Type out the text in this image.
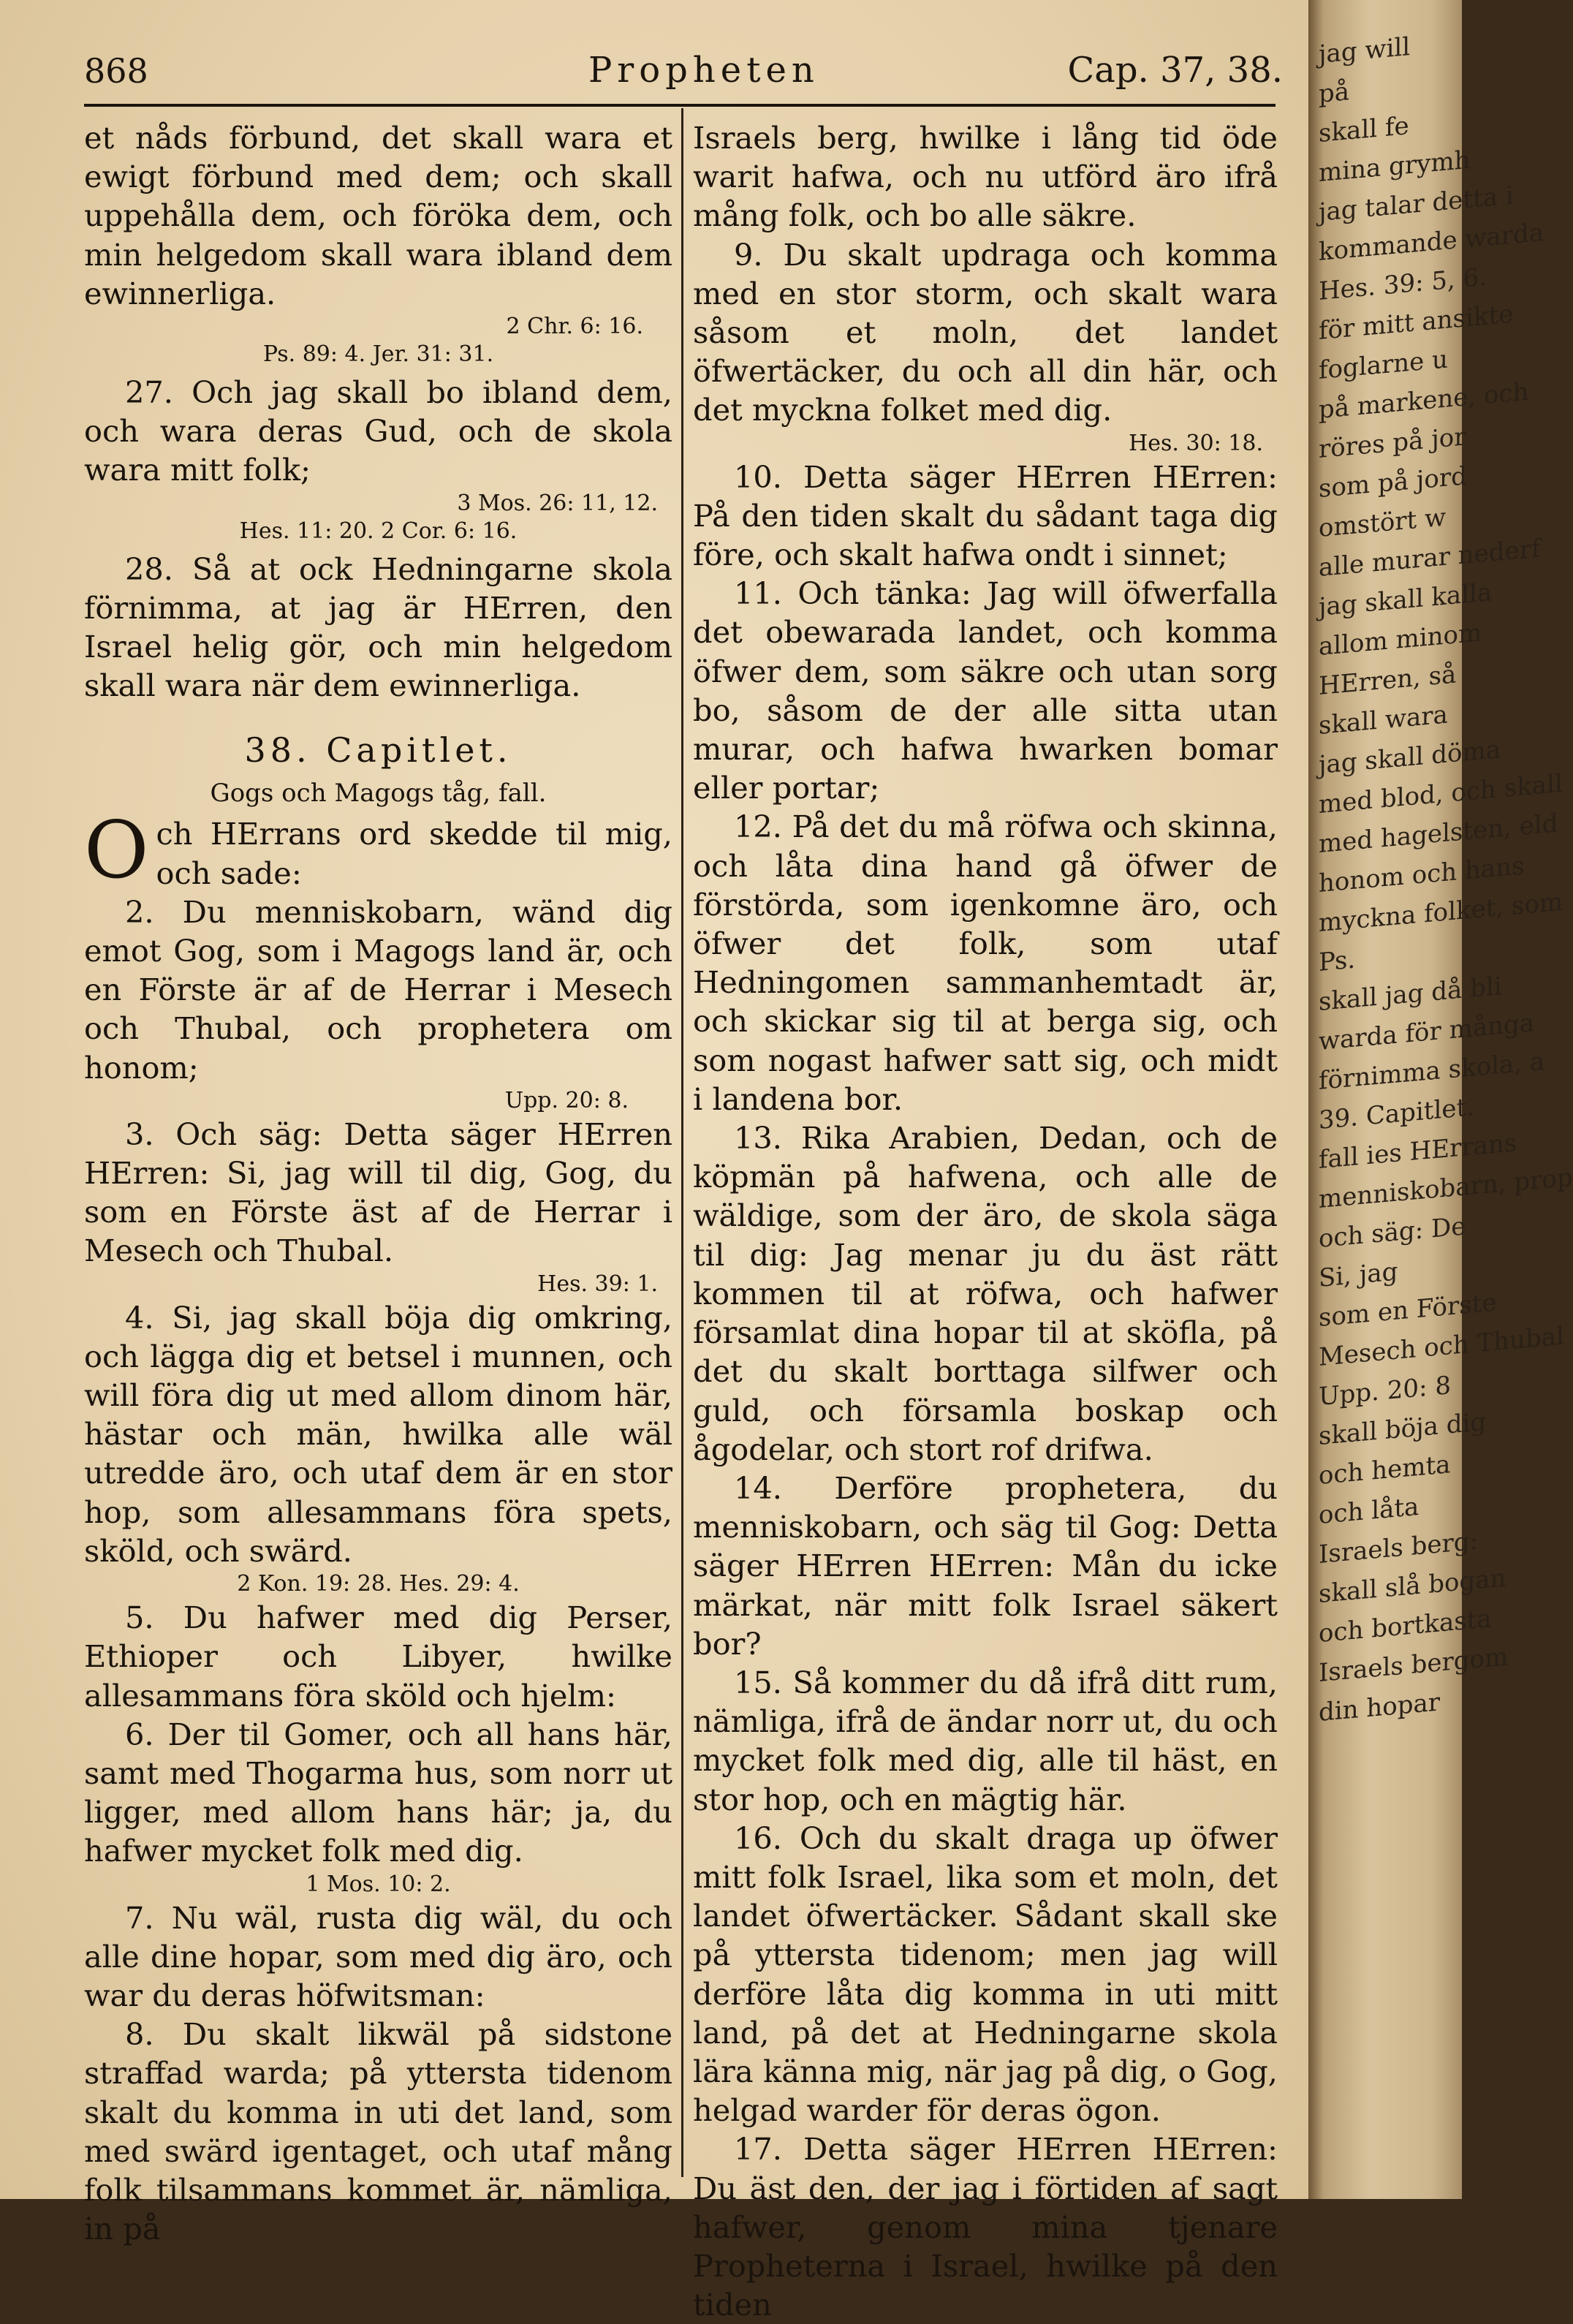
868	Propheten	Cap. 37, 38.

et nåds förbund, det skall wara et ewigt förbund med dem; och skall uppehålla dem, och föröka dem, och min helgedom skall wara ibland dem ewinnerliga.

2 Chr. 6: 16.

Ps. 89: 4. Jer. 31: 31.

27. Och jag skall bo ibland dem, och wara deras Gud, och de skola wara mitt folk;

3 Mos. 26: 11, 12.

Hes. 11: 20. 2 Cor. 6: 16.

28. Så at ock Hedningarne skola förnimma, at jag är HErren, den Israel helig gör, och min helgedom skall wara när dem ewinnerliga.

38. Capitlet.
Gogs och Magogs tåg, fall.

Och HErrans ord skedde til mig, och sade:

2. Du menniskobarn, wänd dig emot Gog, som i Magogs land är, och en Förste är af de Herrar i Mesech och Thubal, och prophetera om honom;

Upp. 20: 8.

3. Och säg: Detta säger HErren HErren: Si, jag will til dig, Gog, du som en Förste äst af de Herrar i Mesech och Thubal.

Hes. 39: 1.

4. Si, jag skall böja dig omkring, och lägga dig et betsel i munnen, och will föra dig ut med allom dinom här, hästar och män, hwilka alle wäl utredde äro, och utaf dem är en stor hop, som allesammans föra spets, sköld, och swärd.

2 Kon. 19: 28. Hes. 29: 4.

5. Du hafwer med dig Perser, Ethioper och Libyer, hwilke allesammans föra sköld och hjelm:

6. Der til Gomer, och all hans här, samt med Thogarma hus, som norr ut ligger, med allom hans här; ja, du hafwer mycket folk med dig.

1 Mos. 10: 2.

7. Nu wäl, rusta dig wäl, du och alle dine hopar, som med dig äro, och war du deras höfwitsman:

8. Du skalt likwäl på sidstone straffad warda; på yttersta tidenom skalt du komma in uti det land, som med swärd igentaget, och utaf mång folk tilsammans kommet är, nämliga, in på

Israels berg, hwilke i lång tid öde warit hafwa, och nu utförd äro ifrå mång folk, och bo alle säkre.

9. Du skalt updraga och komma med en stor storm, och skalt wara såsom et moln, det landet öfwertäcker, du och all din här, och det myckna folket med dig.

Hes. 30: 18.

10. Detta säger HErren HErren: På den tiden skalt du sådant taga dig före, och skalt hafwa ondt i sinnet;

11. Och tänka: Jag will öfwerfalla det obewarada landet, och komma öfwer dem, som säkre och utan sorg bo, såsom de der alle sitta utan murar, och hafwa hwarken bomar eller portar;

12. På det du må röfwa och skinna, och låta dina hand gå öfwer de förstörda, som igenkomne äro, och öfwer det folk, som utaf Hedningomen sammanhemtadt är, och skickar sig til at berga sig, och som nogast hafwer satt sig, och midt i landena bor.

13. Rika Arabien, Dedan, och de köpmän på hafwena, och alle de wäldige, som der äro, de skola säga til dig: Jag menar ju du äst rätt kommen til at röfwa, och hafwer församlat dina hopar til at sköfla, på det du skalt borttaga silfwer och guld, och församla boskap och ågodelar, och stort rof drifwa.

14. Derföre prophetera, du menniskobarn, och säg til Gog: Detta säger HErren HErren: Mån du icke märkat, när mitt folk Israel säkert bor?

15. Så kommer du då ifrå ditt rum, nämliga, ifrå de ändar norr ut, du och mycket folk med dig, alle til häst, en stor hop, och en mägtig här.

16. Och du skalt draga up öfwer mitt folk Israel, lika som et moln, det landet öfwertäcker. Sådant skall ske på yttersta tidenom; men jag will derföre låta dig komma in uti mitt land, på det at Hedningarne skola lära känna mig, när jag på dig, o Gog, helgad warder för deras ögon.

17. Detta säger HErren HErren: Du äst den, der jag i förtiden af sagt hafwer, genom mina tjenare Propheterna i Israel, hwilke på den tiden

jag will
på
skall fe
mina grymh
jag talar detta i
kommande warda
Hes. 39: 5, 6.
för mitt ansikte
foglarne u
på markene, och
röres på jor
som på jord
omstört w
alle murar nederf
jag skall kalla
allom minom
HErren, så
skall wara
jag skall döma
med blod, och skall
med hagelsten, eld
honom och hans
myckna folket, som
Ps.
skall jag då bli
warda för många
förnimma skola, a
39. Capitlet.
fall ies HErrans
menniskobarn, prop
och säg: De
Si, jag
som en Förste
Mesech och Thubal
Upp. 20: 8
skall böja dig
och hemta
och låta
Israels berg:
skall slå bogan
och bortkasta
Israels bergom
din hopar
